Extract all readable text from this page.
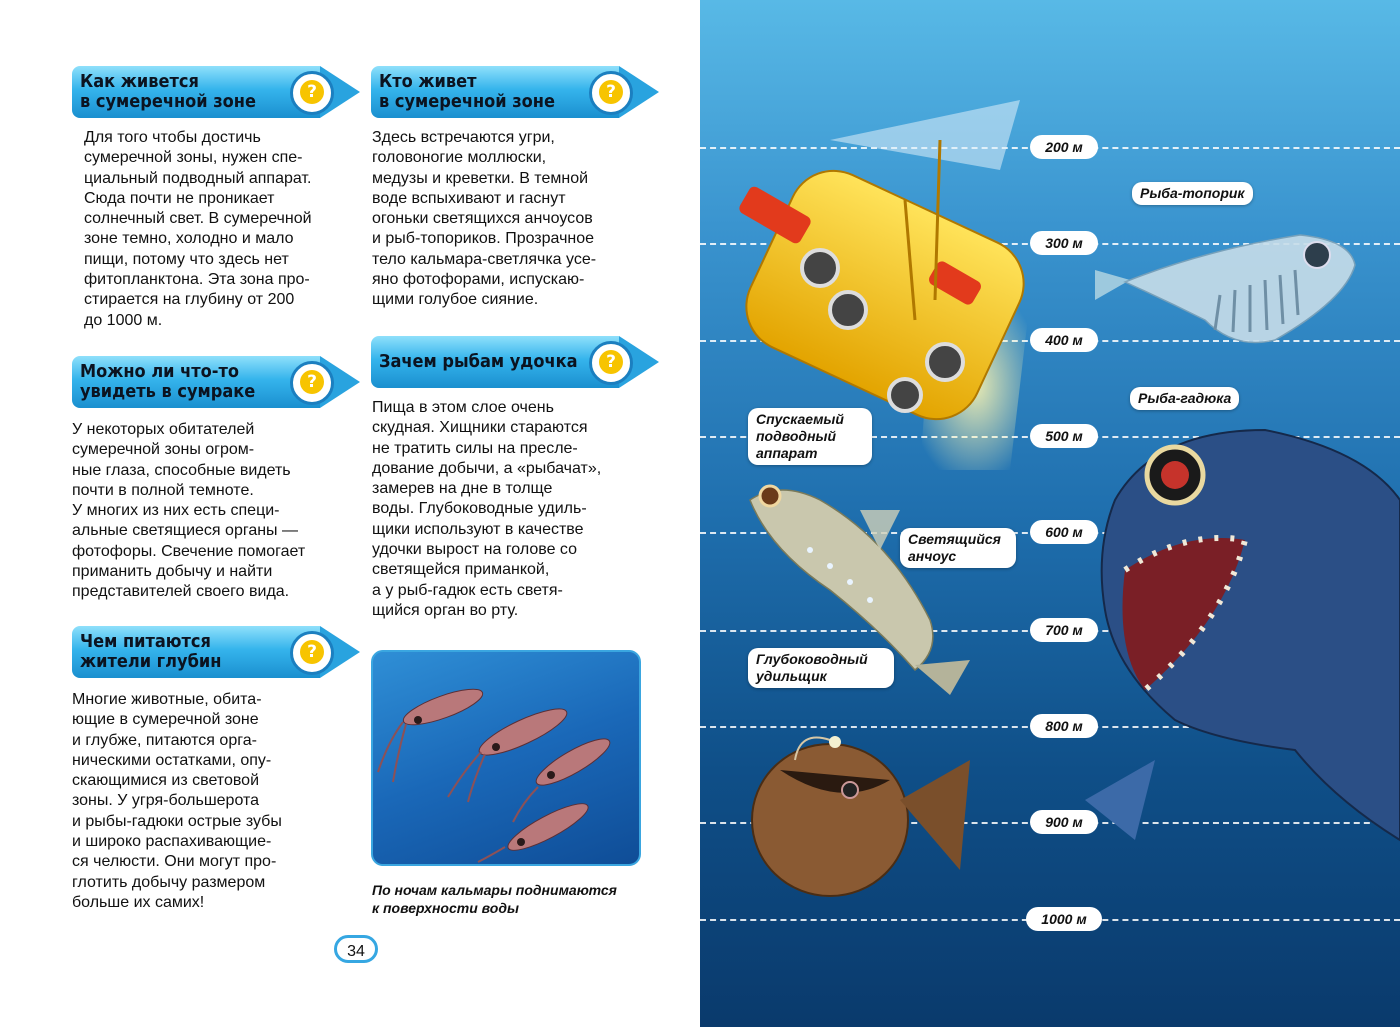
Как живется
в сумеречной зоне	?
Для того чтобы достичь
сумеречной зоны, нужен спе-
циальный подводный аппарат.
Сюда почти не проникает
солнечный свет. В сумеречной
зоне темно, холодно и мало
пищи, потому что здесь нет
фитопланктона. Эта зона про-
стирается на глубину от 200
до 1000 м.
Можно ли что-то
увидеть в сумраке	?
У некоторых обитателей
сумеречной зоны огром-
ные глаза, способные видеть
почти в полной темноте.
У многих из них есть специ-
альные светящиеся органы —
фотофоры. Свечение помогает
приманить добычу и найти
представителей своего вида.
Чем питаются
жители глубин	?
Многие животные, обита-
ющие в сумеречной зоне
и глубже, питаются орга-
ническими остатками, опу-
скающимися из световой
зоны. У угря-большерота
и рыбы-гадюки острые зубы
и широко распахивающие-
ся челюсти. Они могут про-
глотить добычу размером
больше их самих!
Кто живет
в сумеречной зоне	?
Здесь встречаются угри,
головоногие моллюски,
медузы и креветки. В темной
воде вспыхивают и гаснут
огоньки светящихся анчоусов
и рыб-топориков. Прозрачное
тело кальмара-светлячка усе-
яно фотофорами, испускаю-
щими голубое сияние.
Зачем рыбам удочка	?
Пища в этом слое очень
скудная. Хищники стараются
не тратить силы на пресле-
дование добычи, а «рыбачат»,
замерев на дне в толще
воды. Глубоководные удиль-
щики используют в качестве
удочки вырост на голове со
светящейся приманкой,
а у рыб-гадюк есть светя-
щийся орган во рту.
По ночам кальмары поднимаются
к поверхности воды
34
200 м
300 м
400 м
500 м
600 м
700 м
800 м
900 м
1000 м
Рыба-топорик
Рыба-гадюка
Спускаемый
подводный
аппарат
Светящийся
анчоус
Глубоководный
удильщик
